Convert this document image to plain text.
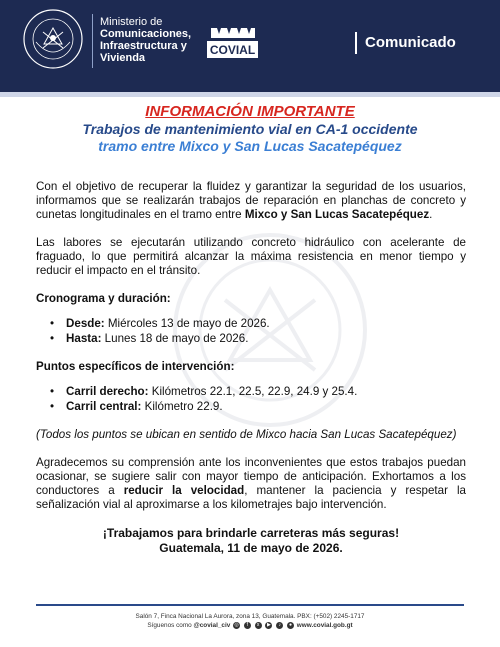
Ministerio de
Comunicaciones,
Infraestructura y
Vivienda
COVIAL	Comunicado
INFORMACIÓN IMPORTANTE
Trabajos de mantenimiento vial en CA-1 occidente
tramo entre Mixco y San Lucas Sacatepéquez
Con el objetivo de recuperar la fluidez y garantizar la seguridad de los usuarios, informamos que se realizarán trabajos de reparación en planchas de concreto y cunetas longitudinales en el tramo entre Mixco y San Lucas Sacatepéquez.
Las labores se ejecutarán utilizando concreto hidráulico con acelerante de fraguado, lo que permitirá alcanzar la máxima resistencia en menor tiempo y reducir el impacto en el tránsito.
Cronograma y duración:
• Desde: Miércoles 13 de mayo de 2026.
• Hasta: Lunes 18 de mayo de 2026.
Puntos específicos de intervención:
• Carril derecho: Kilómetros 22.1, 22.5, 22.9, 24.9 y 25.4.
• Carril central: Kilómetro 22.9.
(Todos los puntos se ubican en sentido de Mixco hacia San Lucas Sacatepéquez)
Agradecemos su comprensión ante los inconvenientes que estos trabajos puedan ocasionar, se sugiere salir con mayor tiempo de anticipación. Exhortamos a los conductores a reducir la velocidad, mantener la paciencia y respetar la señalización vial al aproximarse a los kilometrajes bajo intervención.
¡Trabajamos para brindarle carreteras más seguras!
Guatemala, 11 de mayo de 2026.
Salón 7, Finca Nacional La Aurora, zona 13, Guatemala. PBX: (+502) 2245-1717
Síguenos como @covial_civ ◎ f x ▶ ♪ ● www.covial.gob.gt
